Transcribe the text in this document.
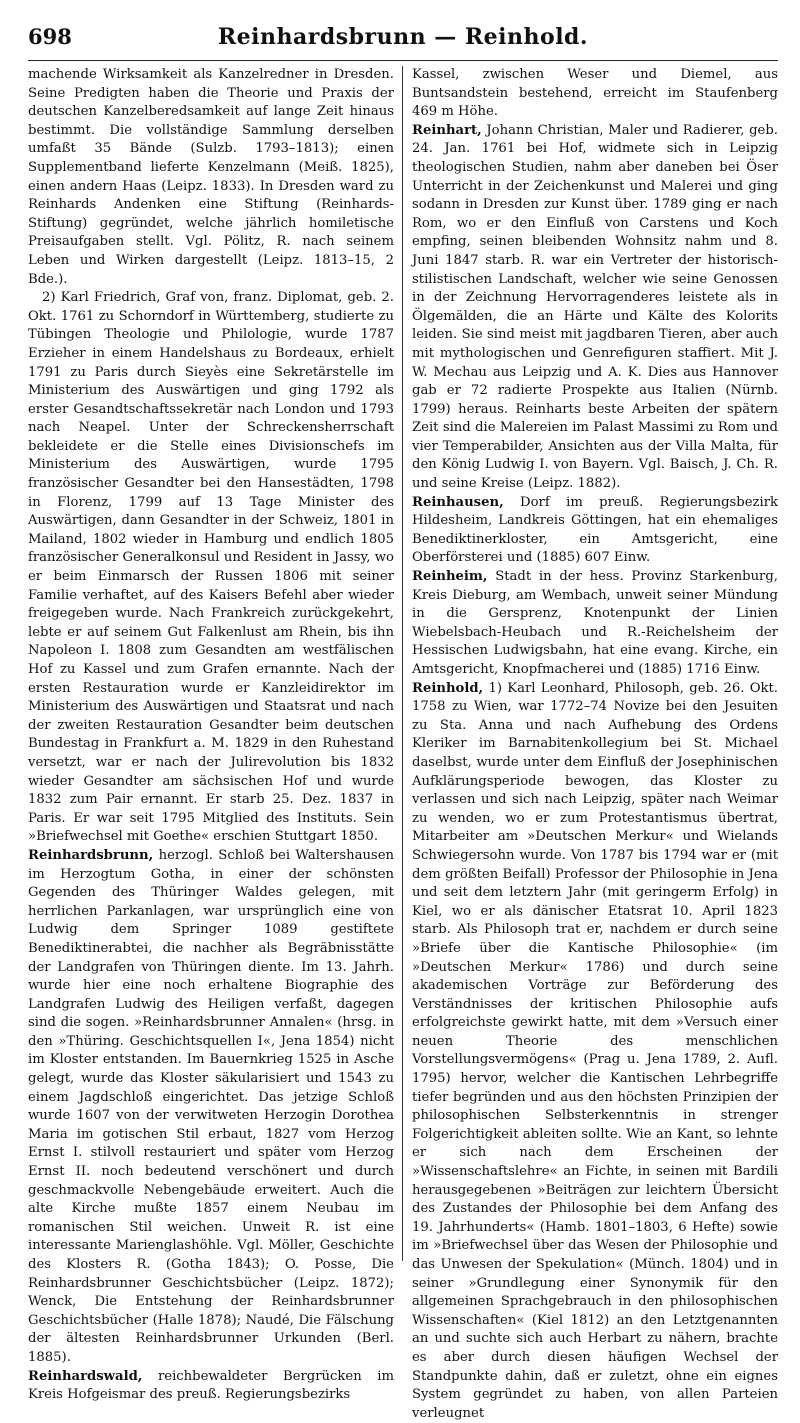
698	Reinhardsbrunn — Reinhold.

machende Wirksamkeit als Kanzelredner in Dresden. Seine Predigten haben die Theorie und Praxis der deutschen Kanzelberedsamkeit auf lange Zeit hinaus bestimmt. Die vollständige Sammlung derselben umfaßt 35 Bände (Sulzb. 1793–1813); einen Supplementband lieferte Kenzelmann (Meiß. 1825), einen andern Haas (Leipz. 1833). In Dresden ward zu Reinhards Andenken eine Stiftung (Reinhards-Stiftung) gegründet, welche jährlich homiletische Preisaufgaben stellt. Vgl. Pölitz, R. nach seinem Leben und Wirken dargestellt (Leipz. 1813–15, 2 Bde.).

2) Karl Friedrich, Graf von, franz. Diplomat, geb. 2. Okt. 1761 zu Schorndorf in Württemberg, studierte zu Tübingen Theologie und Philologie, wurde 1787 Erzieher in einem Handelshaus zu Bordeaux, erhielt 1791 zu Paris durch Sieyès eine Sekretärstelle im Ministerium des Auswärtigen und ging 1792 als erster Gesandtschaftssekretär nach London und 1793 nach Neapel. Unter der Schreckensherrschaft bekleidete er die Stelle eines Divisionschefs im Ministerium des Auswärtigen, wurde 1795 französischer Gesandter bei den Hansestädten, 1798 in Florenz, 1799 auf 13 Tage Minister des Auswärtigen, dann Gesandter in der Schweiz, 1801 in Mailand, 1802 wieder in Hamburg und endlich 1805 französischer Generalkonsul und Resident in Jassy, wo er beim Einmarsch der Russen 1806 mit seiner Familie verhaftet, auf des Kaisers Befehl aber wieder freigegeben wurde. Nach Frankreich zurückgekehrt, lebte er auf seinem Gut Falkenlust am Rhein, bis ihn Napoleon I. 1808 zum Gesandten am westfälischen Hof zu Kassel und zum Grafen ernannte. Nach der ersten Restauration wurde er Kanzleidirektor im Ministerium des Auswärtigen und Staatsrat und nach der zweiten Restauration Gesandter beim deutschen Bundestag in Frankfurt a. M. 1829 in den Ruhestand versetzt, war er nach der Julirevolution bis 1832 wieder Gesandter am sächsischen Hof und wurde 1832 zum Pair ernannt. Er starb 25. Dez. 1837 in Paris. Er war seit 1795 Mitglied des Instituts. Sein »Briefwechsel mit Goethe« erschien Stuttgart 1850.

Reinhardsbrunn, herzogl. Schloß bei Waltershausen im Herzogtum Gotha, in einer der schönsten Gegenden des Thüringer Waldes gelegen, mit herrlichen Parkanlagen, war ursprünglich eine von Ludwig dem Springer 1089 gestiftete Benediktinerabtei, die nachher als Begräbnisstätte der Landgrafen von Thüringen diente. Im 13. Jahrh. wurde hier eine noch erhaltene Biographie des Landgrafen Ludwig des Heiligen verfaßt, dagegen sind die sogen. »Reinhardsbrunner Annalen« (hrsg. in den »Thüring. Geschichtsquellen I«, Jena 1854) nicht im Kloster entstanden. Im Bauernkrieg 1525 in Asche gelegt, wurde das Kloster säkularisiert und 1543 zu einem Jagdschloß eingerichtet. Das jetzige Schloß wurde 1607 von der verwitweten Herzogin Dorothea Maria im gotischen Stil erbaut, 1827 vom Herzog Ernst I. stilvoll restauriert und später vom Herzog Ernst II. noch bedeutend verschönert und durch geschmackvolle Nebengebäude erweitert. Auch die alte Kirche mußte 1857 einem Neubau im romanischen Stil weichen. Unweit R. ist eine interessante Marienglashöhle. Vgl. Möller, Geschichte des Klosters R. (Gotha 1843); O. Posse, Die Reinhardsbrunner Geschichtsbücher (Leipz. 1872); Wenck, Die Entstehung der Reinhardsbrunner Geschichtsbücher (Halle 1878); Naudé, Die Fälschung der ältesten Reinhardsbrunner Urkunden (Berl. 1885).

Reinhardswald, reichbewaldeter Bergrücken im Kreis Hofgeismar des preuß. Regierungsbezirks

Kassel, zwischen Weser und Diemel, aus Buntsandstein bestehend, erreicht im Staufenberg 469 m Höhe.

Reinhart, Johann Christian, Maler und Radierer, geb. 24. Jan. 1761 bei Hof, widmete sich in Leipzig theologischen Studien, nahm aber daneben bei Öser Unterricht in der Zeichenkunst und Malerei und ging sodann in Dresden zur Kunst über. 1789 ging er nach Rom, wo er den Einfluß von Carstens und Koch empfing, seinen bleibenden Wohnsitz nahm und 8. Juni 1847 starb. R. war ein Vertreter der historisch-stilistischen Landschaft, welcher wie seine Genossen in der Zeichnung Hervorragenderes leistete als in Ölgemälden, die an Härte und Kälte des Kolorits leiden. Sie sind meist mit jagdbaren Tieren, aber auch mit mythologischen und Genrefiguren staffiert. Mit J. W. Mechau aus Leipzig und A. K. Dies aus Hannover gab er 72 radierte Prospekte aus Italien (Nürnb. 1799) heraus. Reinharts beste Arbeiten der spätern Zeit sind die Malereien im Palast Massimi zu Rom und vier Temperabilder, Ansichten aus der Villa Malta, für den König Ludwig I. von Bayern. Vgl. Baisch, J. Ch. R. und seine Kreise (Leipz. 1882).

Reinhausen, Dorf im preuß. Regierungsbezirk Hildesheim, Landkreis Göttingen, hat ein ehemaliges Benediktinerkloster, ein Amtsgericht, eine Oberförsterei und (1885) 607 Einw.

Reinheim, Stadt in der hess. Provinz Starkenburg, Kreis Dieburg, am Wembach, unweit seiner Mündung in die Gersprenz, Knotenpunkt der Linien Wiebelsbach-Heubach und R.-Reichelsheim der Hessischen Ludwigsbahn, hat eine evang. Kirche, ein Amtsgericht, Knopfmacherei und (1885) 1716 Einw.

Reinhold, 1) Karl Leonhard, Philosoph, geb. 26. Okt. 1758 zu Wien, war 1772–74 Novize bei den Jesuiten zu Sta. Anna und nach Aufhebung des Ordens Kleriker im Barnabitenkollegium bei St. Michael daselbst, wurde unter dem Einfluß der Josephinischen Aufklärungsperiode bewogen, das Kloster zu verlassen und sich nach Leipzig, später nach Weimar zu wenden, wo er zum Protestantismus übertrat, Mitarbeiter am »Deutschen Merkur« und Wielands Schwiegersohn wurde. Von 1787 bis 1794 war er (mit dem größten Beifall) Professor der Philosophie in Jena und seit dem letztern Jahr (mit geringerm Erfolg) in Kiel, wo er als dänischer Etatsrat 10. April 1823 starb. Als Philosoph trat er, nachdem er durch seine »Briefe über die Kantische Philosophie« (im »Deutschen Merkur« 1786) und durch seine akademischen Vorträge zur Beförderung des Verständnisses der kritischen Philosophie aufs erfolgreichste gewirkt hatte, mit dem »Versuch einer neuen Theorie des menschlichen Vorstellungsvermögens« (Prag u. Jena 1789, 2. Aufl. 1795) hervor, welcher die Kantischen Lehrbegriffe tiefer begründen und aus den höchsten Prinzipien der philosophischen Selbsterkenntnis in strenger Folgerichtigkeit ableiten sollte. Wie an Kant, so lehnte er sich nach dem Erscheinen der »Wissenschaftslehre« an Fichte, in seinen mit Bardili herausgegebenen »Beiträgen zur leichtern Übersicht des Zustandes der Philosophie bei dem Anfang des 19. Jahrhunderts« (Hamb. 1801–1803, 6 Hefte) sowie im »Briefwechsel über das Wesen der Philosophie und das Unwesen der Spekulation« (Münch. 1804) und in seiner »Grundlegung einer Synonymik für den allgemeinen Sprachgebrauch in den philosophischen Wissenschaften« (Kiel 1812) an den Letztgenannten an und suchte sich auch Herbart zu nähern, brachte es aber durch diesen häufigen Wechsel der Standpunkte dahin, daß er zuletzt, ohne ein eignes System gegründet zu haben, von allen Parteien verleugnet
